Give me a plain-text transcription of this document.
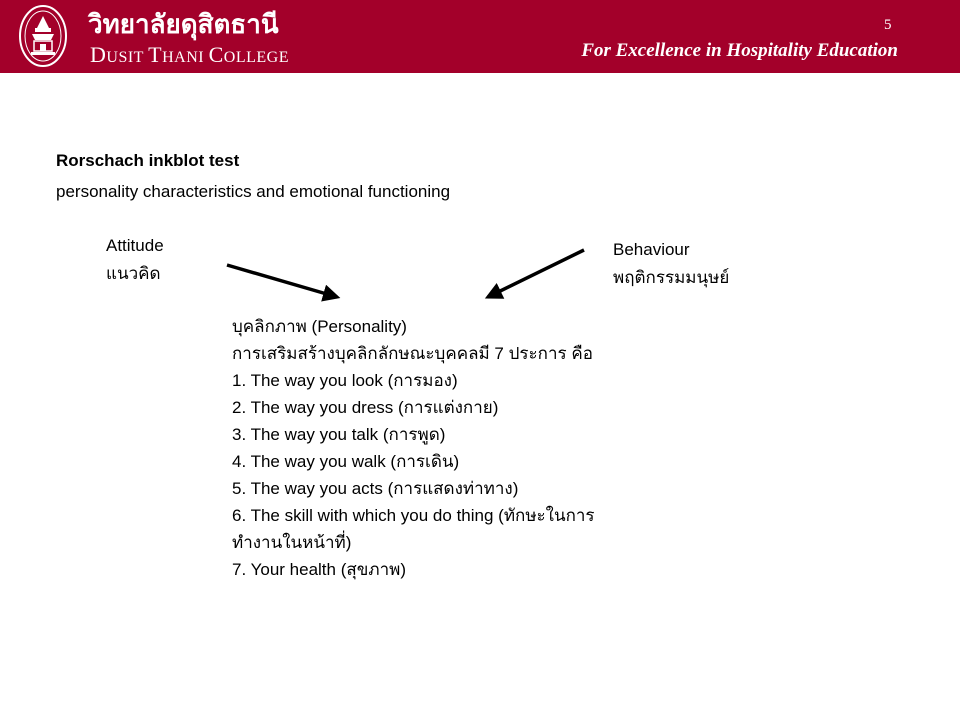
วิทยาลัยดุสิตธานี
DUSIT THANI COLLEGE
5
For Excellence in Hospitality Education
Rorschach inkblot test
personality characteristics and emotional functioning
Attitude
แนวคิด
Behaviour
พฤติกรรมมนุษย์
บุคลิกภาพ (Personality)
การเสริมสร้างบุคลิกลักษณะบุคคลมี 7 ประการ คือ
1. The way you look (การมอง)
2. The way you dress (การแต่งกาย)
3. The way you talk (การพูด)
4. The way you walk (การเดิน)
5. The way you acts (การแสดงท่าทาง)
6. The skill with which you do thing (ทักษะในการ
ทำงานในหน้าที่)
7. Your health (สุขภาพ)
